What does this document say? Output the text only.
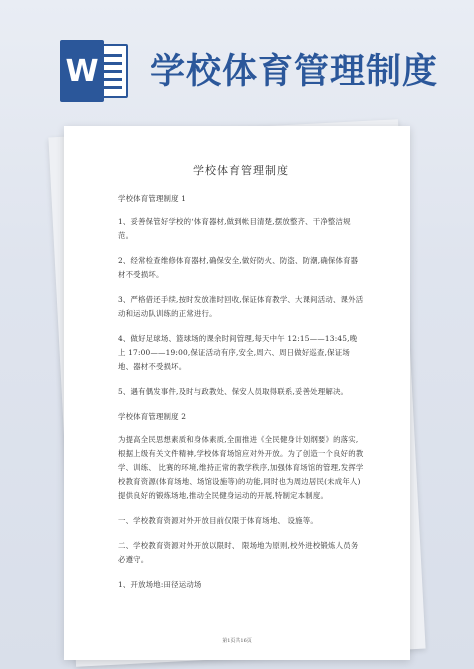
W 学校体育管理制度
学校体育管理制度

学校体育管理制度 1

1、妥善保管好学校的‘体育器材,做到帐目清楚,摆放整齐、干净整洁规范。

2、经常检查维修体育器材,确保安全,做好防火、防盗、防潮,确保体育器材不受损坏。

3、严格借还手续,按时发放准时回收,保证体育教学、大课间活动、课外活动和运动队训练的正常进行。

4、做好足球场、篮球场的课余时间管理,每天中午 12:15——13:45,晚上 17:00——19:00,保证活动有序,安全,周六、周日做好巡查,保证场地、器材不受损坏。

5、遇有偶发事件,及时与政教处、保安人员取得联系,妥善处理解决。

学校体育管理制度 2

为提高全民思想素质和身体素质,全面推进《全民健身计划纲要》的落实,根据上级有关文件精神,学校体育场馆应对外开放。为了创造一个良好的教学、训练、 比赛的环境,维持正常的教学秩序,加强体育场馆的管理,发挥学校教育资源(体育场地、场馆设施等)的功能,同时也为周边居民(未成年人)提供良好的锻炼场地,推动全民健身运动的开展,特制定本制度。

一、学校教育资源对外开放目前仅限于体育场地、 设施等。

二、学校教育资源对外开放以限时、 限场地为原则,校外进校锻炼人员务必遵守。

1、开放场地:田径运动场

第1页共16页
